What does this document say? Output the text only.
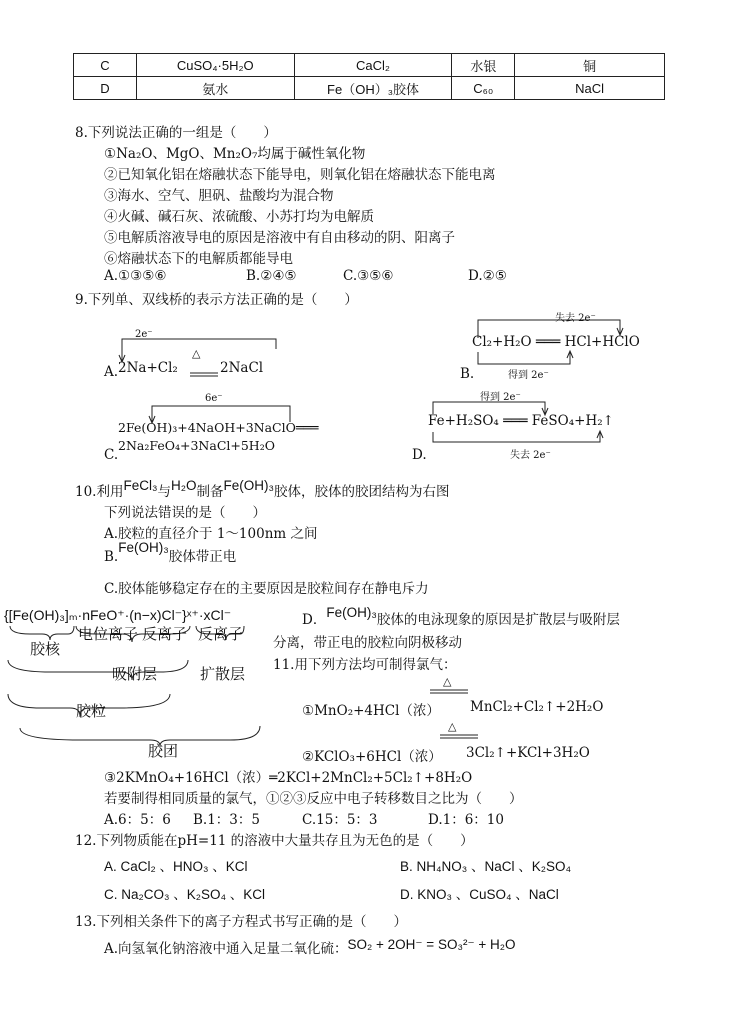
C	CuSO₄·5H₂O	CaCl₂	水银	铜
D	氨水	Fe（OH）₃胶体	C₆₀	NaCl
8.下列说法正确的一组是（　　）
①Na₂O、MgO、Mn₂O₇均属于碱性氧化物
②已知氧化铝在熔融状态下能导电，则氧化铝在熔融状态下能电离
③海水、空气、胆矾、盐酸均为混合物
④火碱、碱石灰、浓硫酸、小苏打均为电解质
⑤电解质溶液导电的原因是溶液中有自由移动的阴、阳离子
⑥熔融状态下的电解质都能导电
A.①③⑤⑥	B.②④⑤	C.③⑤⑥	D.②⑤
9.下列单、双线桥的表示方法正确的是（　　）
2e⁻
△
A. 2Na+Cl₂	2NaCl
失去 2e⁻
Cl₂+H₂O ═══ HCl+HClO
B.	得到 2e⁻
6e⁻
2Fe(OH)₃+4NaOH+3NaClO═══
2Na₂FeO₄+3NaCl+5H₂O
C.
得到 2e⁻
Fe+H₂SO₄ ═══ FeSO₄+H₂↑
失去 2e⁻
D.
10.利用FeCl₃与H₂O制备Fe(OH)₃胶体，胶体的胶团结构为右图
下列说法错误的是（　　）
A.胶粒的直径介于 1～100nm 之间
B.Fe(OH)₃胶体带正电
C.胶体能够稳定存在的主要原因是胶粒间存在静电斥力
D．Fe(OH)₃胶体的电泳现象的原因是扩散层与吸附层
分离，带正电的胶粒向阴极移动
{[Fe(OH)₃]ₘ·nFeO⁺·(n−x)Cl⁻}ˣ⁺·xCl⁻
电位离子 反离子 反离子
胶核
吸附层	扩散层
胶粒
胶团
11.用下列方法均可制得氯气：
△
①MnO₂+4HCl（浓） MnCl₂+Cl₂↑+2H₂O
△
②KClO₃+6HCl（浓） 3Cl₂↑+KCl+3H₂O
③2KMnO₄+16HCl（浓）═2KCl+2MnCl₂+5Cl₂↑+8H₂O
若要制得相同质量的氯气，①②③反应中电子转移数目之比为（　　）
A.6：5：6 B.1：3：5	C.15：5：3	D.1：6：10
12.下列物质能在pH=11 的溶液中大量共存且为无色的是（　　）
A. CaCl₂ 、HNO₃ 、KCl	B. NH₄NO₃ 、NaCl 、K₂SO₄
C. Na₂CO₃ 、K₂SO₄ 、KCl	D. KNO₃ 、CuSO₄ 、NaCl
13.下列相关条件下的离子方程式书写正确的是（　　）
A.向氢氧化钠溶液中通入足量二氧化硫：SO₂ + 2OH⁻ = SO₃²⁻ + H₂O
